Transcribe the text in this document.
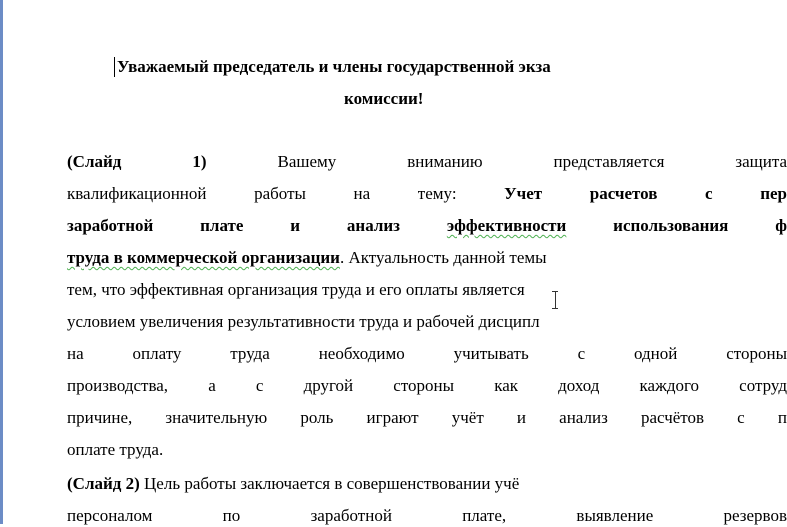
Уважаемый председатель и члены государственной экза
комиссии!
(Слайд	1)	Вашему вниманию представляется защита
квалификационной работы на тему: Учет расчетов с пер
заработной плате и анализ эффективности использования ф
труда в коммерческой организации. Актуальность данной темы
тем, что эффективная организация труда и его оплаты является
условием увеличения результативности труда и рабочей дисципл
на оплату труда необходимо учитывать с одной стороны
производства, а с другой стороны как доход каждого сотруд
причине, значительную роль играют учёт и анализ расчётов с п
оплате труда.
(Слайд 2) Цель работы заключается в совершенствовании учё
персоналом по заработной плате, выявление резервов
